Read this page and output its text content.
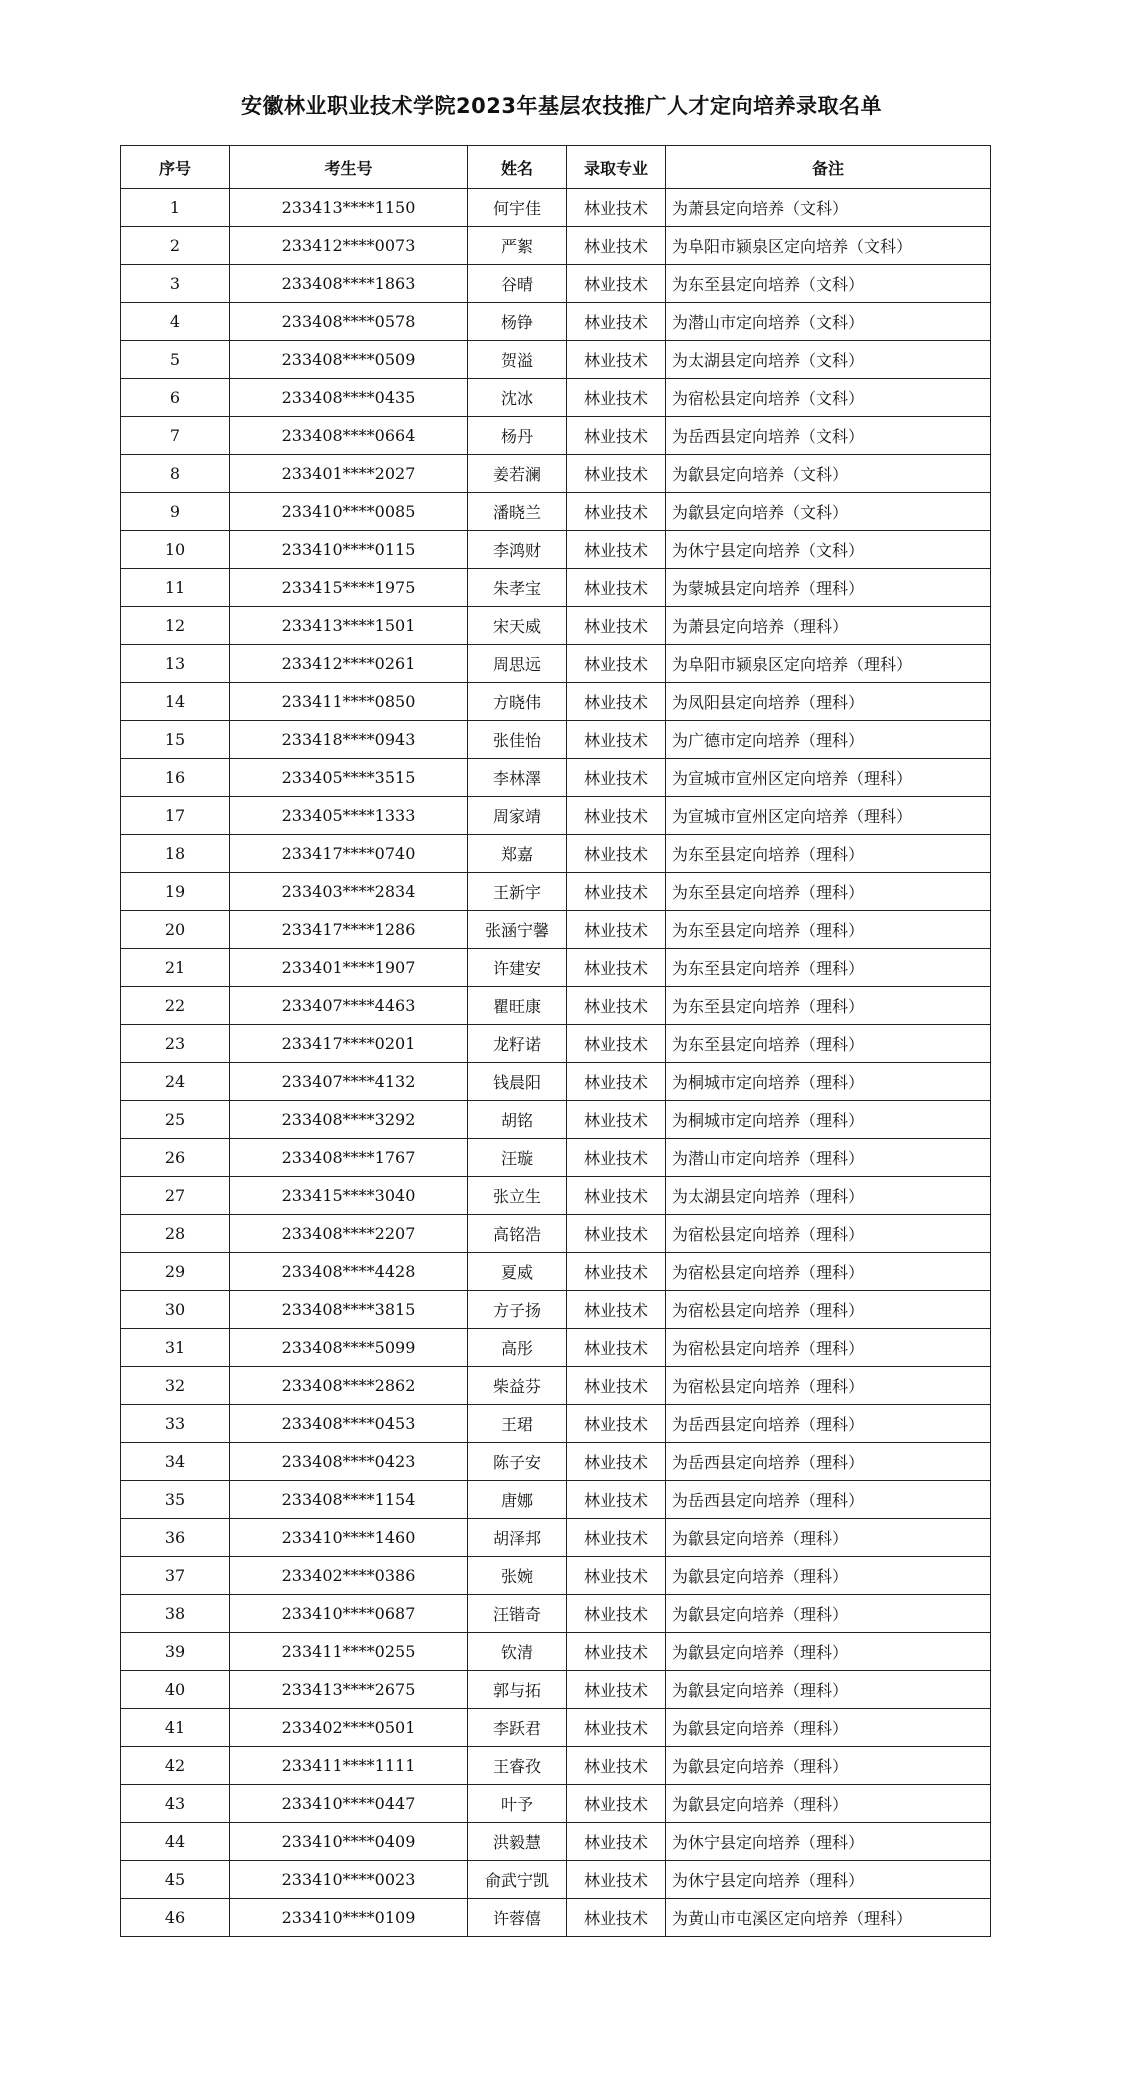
安徽林业职业技术学院2023年基层农技推广人才定向培养录取名单
序号	考生号	姓名	录取专业	备注
1	233413****1150	何宇佳	林业技术	为萧县定向培养（文科）
2	233412****0073	严絮	林业技术	为阜阳市颍泉区定向培养（文科）
3	233408****1863	谷晴	林业技术	为东至县定向培养（文科）
4	233408****0578	杨铮	林业技术	为潜山市定向培养（文科）
5	233408****0509	贺溢	林业技术	为太湖县定向培养（文科）
6	233408****0435	沈冰	林业技术	为宿松县定向培养（文科）
7	233408****0664	杨丹	林业技术	为岳西县定向培养（文科）
8	233401****2027	姜若澜	林业技术	为歙县定向培养（文科）
9	233410****0085	潘晓兰	林业技术	为歙县定向培养（文科）
10	233410****0115	李鸿财	林业技术	为休宁县定向培养（文科）
11	233415****1975	朱孝宝	林业技术	为蒙城县定向培养（理科）
12	233413****1501	宋天威	林业技术	为萧县定向培养（理科）
13	233412****0261	周思远	林业技术	为阜阳市颍泉区定向培养（理科）
14	233411****0850	方晓伟	林业技术	为凤阳县定向培养（理科）
15	233418****0943	张佳怡	林业技术	为广德市定向培养（理科）
16	233405****3515	李林澤	林业技术	为宣城市宣州区定向培养（理科）
17	233405****1333	周家靖	林业技术	为宣城市宣州区定向培养（理科）
18	233417****0740	郑嘉	林业技术	为东至县定向培养（理科）
19	233403****2834	王新宇	林业技术	为东至县定向培养（理科）
20	233417****1286	张涵宁馨	林业技术	为东至县定向培养（理科）
21	233401****1907	许建安	林业技术	为东至县定向培养（理科）
22	233407****4463	瞿旺康	林业技术	为东至县定向培养（理科）
23	233417****0201	龙籽诺	林业技术	为东至县定向培养（理科）
24	233407****4132	钱晨阳	林业技术	为桐城市定向培养（理科）
25	233408****3292	胡铭	林业技术	为桐城市定向培养（理科）
26	233408****1767	汪璇	林业技术	为潜山市定向培养（理科）
27	233415****3040	张立生	林业技术	为太湖县定向培养（理科）
28	233408****2207	高铭浩	林业技术	为宿松县定向培养（理科）
29	233408****4428	夏威	林业技术	为宿松县定向培养（理科）
30	233408****3815	方子扬	林业技术	为宿松县定向培养（理科）
31	233408****5099	高彤	林业技术	为宿松县定向培养（理科）
32	233408****2862	柴益芬	林业技术	为宿松县定向培养（理科）
33	233408****0453	王珺	林业技术	为岳西县定向培养（理科）
34	233408****0423	陈子安	林业技术	为岳西县定向培养（理科）
35	233408****1154	唐娜	林业技术	为岳西县定向培养（理科）
36	233410****1460	胡泽邦	林业技术	为歙县定向培养（理科）
37	233402****0386	张婉	林业技术	为歙县定向培养（理科）
38	233410****0687	汪锴奇	林业技术	为歙县定向培养（理科）
39	233411****0255	钦清	林业技术	为歙县定向培养（理科）
40	233413****2675	郭与拓	林业技术	为歙县定向培养（理科）
41	233402****0501	李跃君	林业技术	为歙县定向培养（理科）
42	233411****1111	王睿孜	林业技术	为歙县定向培养（理科）
43	233410****0447	叶予	林业技术	为歙县定向培养（理科）
44	233410****0409	洪毅慧	林业技术	为休宁县定向培养（理科）
45	233410****0023	俞武宁凯	林业技术	为休宁县定向培养（理科）
46	233410****0109	许蓉僖	林业技术	为黄山市屯溪区定向培养（理科）
